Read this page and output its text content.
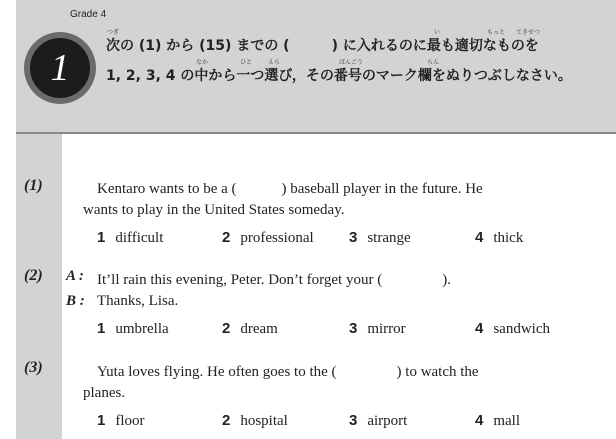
Grade 4
1
つぎ	い	もっと てきせつ
次の (1) から (15) までの (　　　) に入れるのに最も適切なものを
なか	ひと	えら	ばんごう	らん
1, 2, 3, 4 の中から一つ選び，その番号のマーク欄をぬりつぶしなさい。
(1)	Kentaro wants to be a (　　　) baseball player in the future. He
wants to play in the United States someday.
1 difficult	2 professional 3 strange	4 thick
(2) A : It’ll rain this evening, Peter. Don’t forget your (　　　　).
B : Thanks, Lisa.
1 umbrella	2 dream	3 mirror	4 sandwich
(3)	Yuta loves flying. He often goes to the (　　　　) to watch the
planes.
1 floor	2 hospital	3 airport	4 mall
